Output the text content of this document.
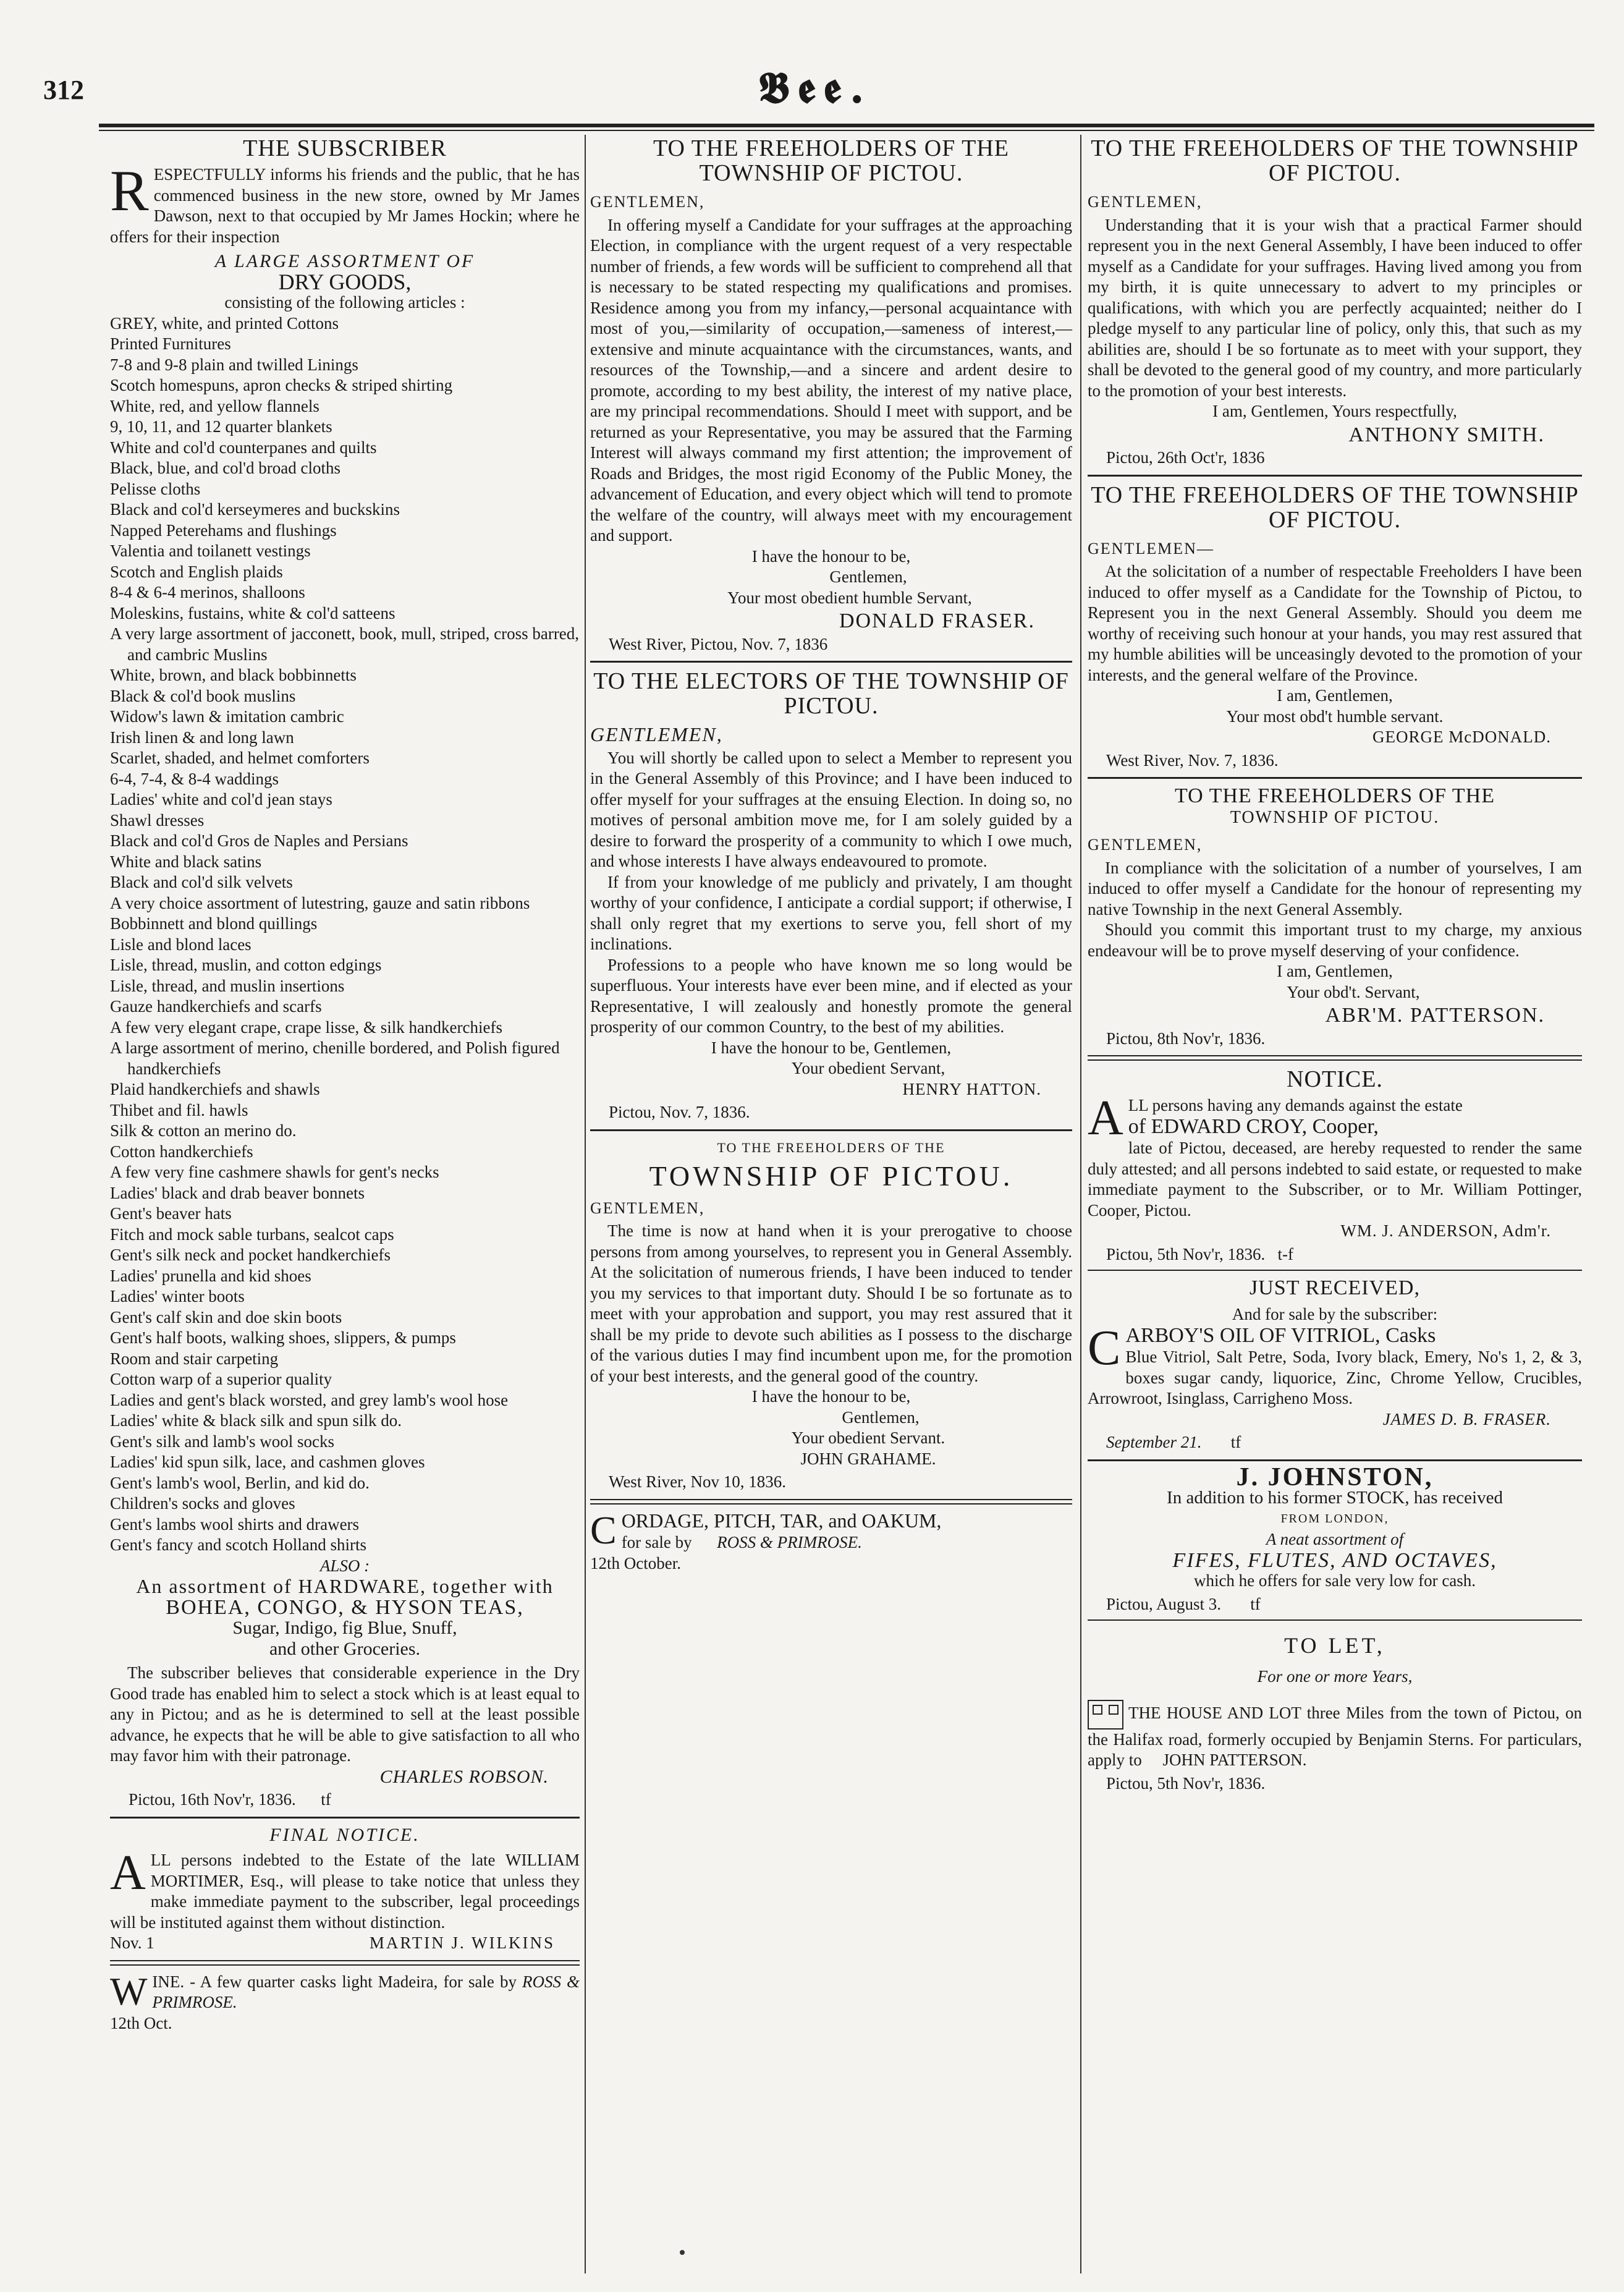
312	𝕭𝖊𝖊.
THE SUBSCRIBER

RESPECTFULLY informs his friends and the public, that he has commenced business in the new store, owned by Mr James Dawson, next to that occupied by Mr James Hockin; where he offers for their inspection

A LARGE ASSORTMENT OF
DRY GOODS,
consisting of the following articles :
GREY, white, and printed Cottons
Printed Furnitures
7-8 and 9-8 plain and twilled Linings
Scotch homespuns, apron checks & striped shirting
White, red, and yellow flannels
9, 10, 11, and 12 quarter blankets
White and col'd counterpanes and quilts
Black, blue, and col'd broad cloths
Pelisse cloths
Black and col'd kerseymeres and buckskins
Napped Peterehams and flushings
Valentia and toilanett vestings
Scotch and English plaids
8-4 & 6-4 merinos, shalloons
Moleskins, fustains, white & col'd satteens
A very large assortment of jacconett, book, mull, striped, cross barred, and cambric Muslins
White, brown, and black bobbinnetts
Black & col'd book muslins
Widow's lawn & imitation cambric
Irish linen & and long lawn
Scarlet, shaded, and helmet comforters
6-4, 7-4, & 8-4 waddings
Ladies' white and col'd jean stays
Shawl dresses
Black and col'd Gros de Naples and Persians
White and black satins
Black and col'd silk velvets
A very choice assortment of lutestring, gauze and satin ribbons
Bobbinnett and blond quillings
Lisle and blond laces
Lisle, thread, muslin, and cotton edgings
Lisle, thread, and muslin insertions
Gauze handkerchiefs and scarfs
A few very elegant crape, crape lisse, & silk handkerchiefs
A large assortment of merino, chenille bordered, and Polish figured handkerchiefs
Plaid handkerchiefs and shawls
Thibet and fil. hawls
Silk & cotton an merino do.
Cotton handkerchiefs
A few very fine cashmere shawls for gent's necks
Ladies' black and drab beaver bonnets
Gent's beaver hats
Fitch and mock sable turbans, sealcot caps
Gent's silk neck and pocket handkerchiefs
Ladies' prunella and kid shoes
Ladies' winter boots
Gent's calf skin and doe skin boots
Gent's half boots, walking shoes, slippers, & pumps
Room and stair carpeting
Cotton warp of a superior quality
Ladies and gent's black worsted, and grey lamb's wool hose
Ladies' white & black silk and spun silk do.
Gent's silk and lamb's wool socks
Ladies' kid spun silk, lace, and cashmen gloves
Gent's lamb's wool, Berlin, and kid do.
Children's socks and gloves
Gent's lambs wool shirts and drawers
Gent's fancy and scotch Holland shirts
ALSO :
An assortment of HARDWARE, together with
BOHEA, CONGO, & HYSON TEAS,
Sugar, Indigo, fig Blue, Snuff,
and other Groceries.

The subscriber believes that considerable experience in the Dry Good trade has enabled him to select a stock which is at least equal to any in Pictou; and as he is determined to sell at the least possible advance, he expects that he will be able to give satisfaction to all who may favor him with their patronage.

CHARLES ROBSON.
Pictou, 16th Nov'r, 1836. tf
FINAL NOTICE.

ALL persons indebted to the Estate of the late WILLIAM MORTIMER, Esq., will please to take notice that unless they make immediate payment to the subscriber, legal proceedings will be instituted against them without distinction.

Nov. 1	MARTIN J. WILKINS

WINE. - A few quarter casks light Madeira, for sale by ROSS & PRIMROSE.
12th Oct.

TO THE FREEHOLDERS OF THE TOWNSHIP OF PICTOU.
GENTLEMEN,

In offering myself a Candidate for your suffrages at the approaching Election, in compliance with the urgent request of a very respectable number of friends, a few words will be sufficient to comprehend all that is necessary to be stated respecting my qualifications and promises. Residence among you from my infancy,—personal acquaintance with most of you,—similarity of occupation,—sameness of interest,—extensive and minute acquaintance with the circumstances, wants, and resources of the Township,—and a sincere and ardent desire to promote, according to my best ability, the interest of my native place, are my principal recommendations. Should I meet with support, and be returned as your Representative, you may be assured that the Farming Interest will always command my first attention; the improvement of Roads and Bridges, the most rigid Economy of the Public Money, the advancement of Education, and every object which will tend to promote the welfare of the country, will always meet with my encouragement and support.

I have the honour to be,
Gentlemen,
Your most obedient humble Servant,
DONALD FRASER.
West River, Pictou, Nov. 7, 1836
TO THE ELECTORS OF THE TOWNSHIP OF PICTOU.
GENTLEMEN,

You will shortly be called upon to select a Member to represent you in the General Assembly of this Province; and I have been induced to offer myself for your suffrages at the ensuing Election. In doing so, no motives of personal ambition move me, for I am solely guided by a desire to forward the prosperity of a community to which I owe much, and whose interests I have always endeavoured to promote.

If from your knowledge of me publicly and privately, I am thought worthy of your confidence, I anticipate a cordial support; if otherwise, I shall only regret that my exertions to serve you, fell short of my inclinations.

Professions to a people who have known me so long would be superfluous. Your interests have ever been mine, and if elected as your Representative, I will zealously and honestly promote the general prosperity of our common Country, to the best of my abilities.

I have the honour to be, Gentlemen,
Your obedient Servant,
HENRY HATTON.
Pictou, Nov. 7, 1836.
TO THE FREEHOLDERS OF THE
TOWNSHIP OF PICTOU.
GENTLEMEN,

The time is now at hand when it is your prerogative to choose persons from among yourselves, to represent you in General Assembly. At the solicitation of numerous friends, I have been induced to tender you my services to that important duty. Should I be so fortunate as to meet with your approbation and support, you may rest assured that it shall be my pride to devote such abilities as I possess to the discharge of the various duties I may find incumbent upon me, for the promotion of your best interests, and the general good of the country.

I have the honour to be,
Gentlemen,
Your obedient Servant.
JOHN GRAHAME.
West River, Nov 10, 1836.

CORDAGE, PITCH, TAR, and OAKUM,
for sale by ROSS & PRIMROSE.
12th October.

TO THE FREEHOLDERS OF THE TOWNSHIP OF PICTOU.
GENTLEMEN,

Understanding that it is your wish that a practical Farmer should represent you in the next General Assembly, I have been induced to offer myself as a Candidate for your suffrages. Having lived among you from my birth, it is quite unnecessary to advert to my principles or qualifications, with which you are perfectly acquainted; neither do I pledge myself to any particular line of policy, only this, that such as my abilities are, should I be so fortunate as to meet with your support, they shall be devoted to the general good of my country, and more particularly to the promotion of your best interests.

I am, Gentlemen, Yours respectfully,
ANTHONY SMITH.
Pictou, 26th Oct'r, 1836
TO THE FREEHOLDERS OF THE TOWNSHIP OF PICTOU.
GENTLEMEN—

At the solicitation of a number of respectable Freeholders I have been induced to offer myself as a Candidate for the Township of Pictou, to Represent you in the next General Assembly. Should you deem me worthy of receiving such honour at your hands, you may rest assured that my humble abilities will be unceasingly devoted to the promotion of your interests, and the general welfare of the Province.

I am, Gentlemen,
Your most obd't humble servant.
GEORGE McDONALD.
West River, Nov. 7, 1836.
TO THE FREEHOLDERS OF THE
TOWNSHIP OF PICTOU.
GENTLEMEN,

In compliance with the solicitation of a number of yourselves, I am induced to offer myself a Candidate for the honour of representing my native Township in the next General Assembly.

Should you commit this important trust to my charge, my anxious endeavour will be to prove myself deserving of your confidence.

I am, Gentlemen,
Your obd't. Servant,
ABR'M. PATTERSON.
Pictou, 8th Nov'r, 1836.
NOTICE.

ALL persons having any demands against the estate
of EDWARD CROY, Cooper,
late of Pictou, deceased, are hereby requested to render the same duly attested; and all persons indebted to said estate, or requested to make immediate payment to the Subscriber, or to Mr. William Pottinger, Cooper, Pictou.

WM. J. ANDERSON, Adm'r.
Pictou, 5th Nov'r, 1836. t-f
JUST RECEIVED,
And for sale by the subscriber:

CARBOY'S OIL OF VITRIOL, Casks
Blue Vitriol, Salt Petre, Soda, Ivory black, Emery, No's 1, 2, & 3, boxes sugar candy, liquorice, Zinc, Chrome Yellow, Crucibles, Arrowroot, Isinglass, Carrigheno Moss.

JAMES D. B. FRASER.
September 21. tf
J. JOHNSTON,
In addition to his former STOCK, has received
FROM LONDON,
A neat assortment of
FIFES, FLUTES, AND OCTAVES,
which he offers for sale very low for cash.
Pictou, August 3. tf
TO LET,
For one or more Years,

THE HOUSE AND LOT three Miles from the town of Pictou, on the Halifax road, formerly occupied by Benjamin Sterns. For particulars, apply to JOHN PATTERSON.

Pictou, 5th Nov'r, 1836.
